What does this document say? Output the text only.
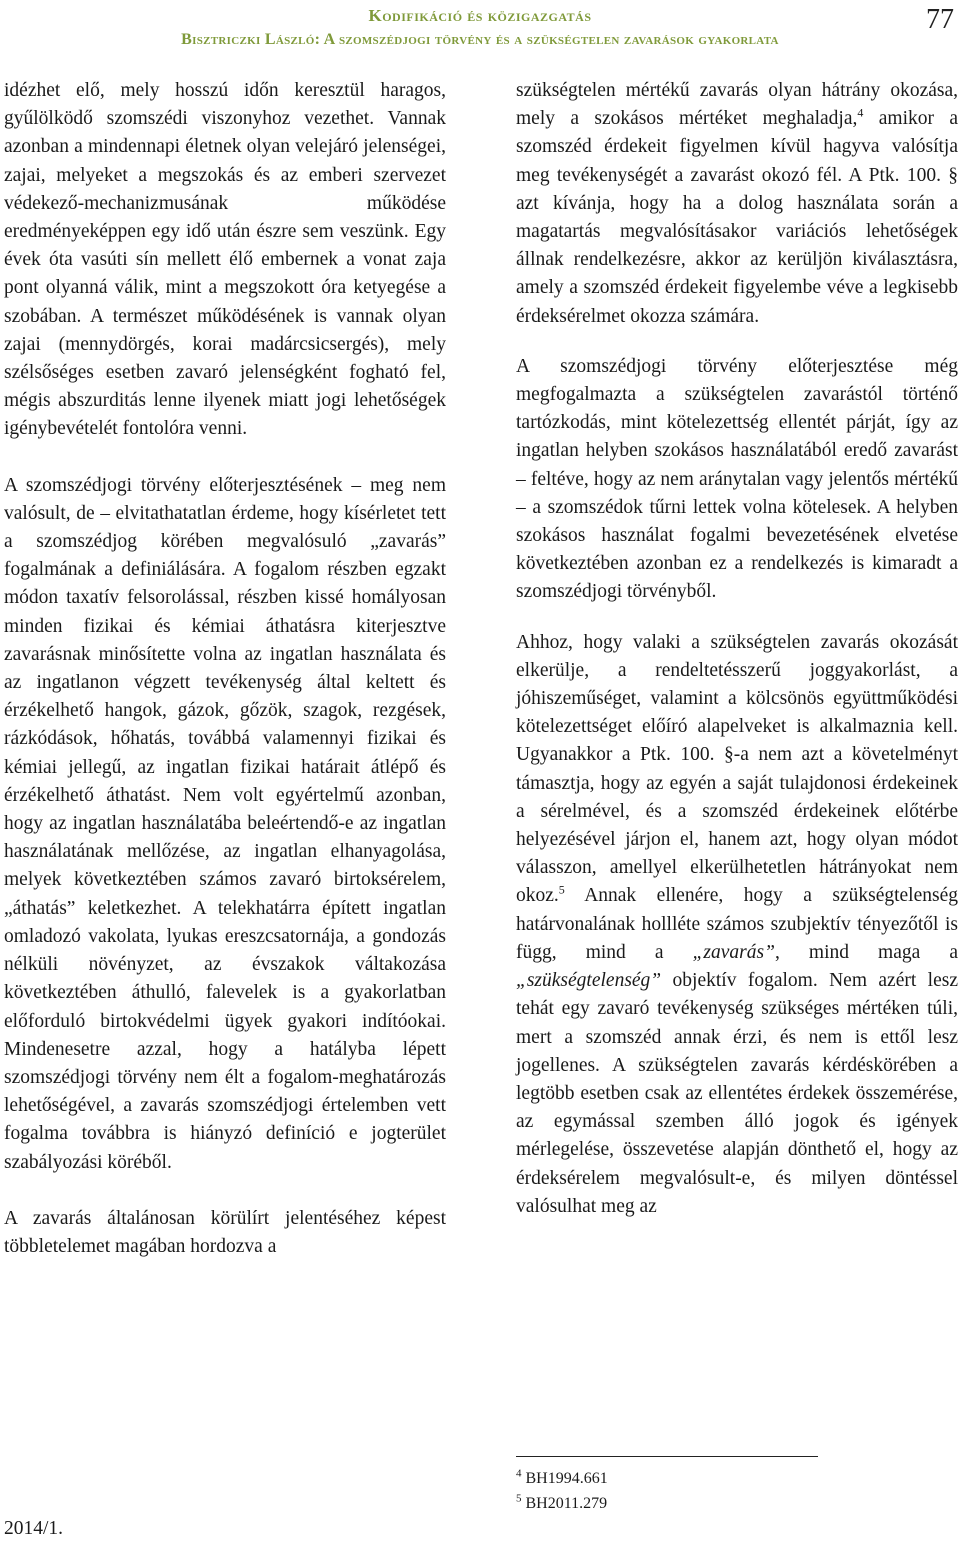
Kodifikáció és közigazgatás
Bisztriczki László: A szomszédjogi törvény és a szükségtelen zavarások gyakorlata
77

idézhet elő, mely hosszú időn keresztül haragos, gyűlölködő szomszédi viszonyhoz vezethet. Vannak azonban a mindennapi életnek olyan velejáró jelenségei, zajai, melyeket a megszokás és az emberi szervezet védekező-mechanizmusának működése eredményeképpen egy idő után észre sem veszünk. Egy évek óta vasúti sín mellett élő embernek a vonat zaja pont olyanná válik, mint a megszokott óra ketyegése a szobában. A természet működésének is vannak olyan zajai (mennydörgés, korai madárcsicsergés), mely szélsőséges esetben zavaró jelenségként fogható fel, mégis abszurditás lenne ilyenek miatt jogi lehetőségek igénybevételét fontolóra venni.

A szomszédjogi törvény előterjesztésének – meg nem valósult, de – elvitathatatlan érdeme, hogy kísérletet tett a szomszédjog körében megvalósuló „zavarás” fogalmának a definiálására. A fogalom részben egzakt módon taxatív felsorolással, részben kissé homályosan minden fizikai és kémiai áthatásra kiterjesztve zavarásnak minősítette volna az ingatlan használata és az ingatlanon végzett tevékenység által keltett és érzékelhető hangok, gázok, gőzök, szagok, rezgések, rázkódások, hőhatás, továbbá valamennyi fizikai és kémiai jellegű, az ingatlan fizikai határait átlépő és érzékelhető áthatást. Nem volt egyértelmű azonban, hogy az ingatlan használatába beleértendő-e az ingatlan használatának mellőzése, az ingatlan elhanyagolása, melyek következtében számos zavaró birtoksérelem, „áthatás” keletkezhet. A telekhatárra épített ingatlan omladozó vakolata, lyukas ereszcsatornája, a gondozás nélküli növényzet, az évszakok váltakozása következtében áthulló, falevelek is a gyakorlatban előforduló birtokvédelmi ügyek gyakori indítóokai. Mindenesetre azzal, hogy a hatályba lépett szomszédjogi törvény nem élt a fogalom-meghatározás lehetőségével, a zavarás szomszédjogi értelemben vett fogalma továbbra is hiányzó definíció e jogterület szabályozási köréből.

A zavarás általánosan körülírt jelentéséhez képest többletelemet magában hordozva a

szükségtelen mértékű zavarás olyan hátrány okozása, mely a szokásos mértéket meghaladja,$^4$ amikor a szomszéd érdekeit figyelmen kívül hagyva valósítja meg tevékenységét a zavarást okozó fél. A Ptk. 100. § azt kívánja, hogy ha a dolog használata során a magatartás megvalósításakor variációs lehetőségek állnak rendelkezésre, akkor az kerüljön kiválasztásra, amely a szomszéd érdekeit figyelembe véve a legkisebb érdeksérelmet okozza számára.

A szomszédjogi törvény előterjesztése még megfogalmazta a szükségtelen zavarástól történő tartózkodás, mint kötelezettség ellentét párját, így az ingatlan helyben szokásos használatából eredő zavarást – feltéve, hogy az nem aránytalan vagy jelentős mértékű – a szomszédok tűrni lettek volna kötelesek. A helyben szokásos használat fogalmi bevezetésének elvetése következtében azonban ez a rendelkezés is kimaradt a szomszédjogi törvényből.

Ahhoz, hogy valaki a szükségtelen zavarás okozását elkerülje, a rendeltetésszerű joggyakorlást, a jóhiszeműséget, valamint a kölcsönös együttműködési kötelezettséget előíró alapelveket is alkalmaznia kell. Ugyanakkor a Ptk. 100. §-a nem azt a követelményt támasztja, hogy az egyén a saját tulajdonosi érdekeinek a sérelmével, és a szomszéd érdekeinek előtérbe helyezésével járjon el, hanem azt, hogy olyan módot válasszon, amellyel elkerülhetetlen hátrányokat nem okoz.$^5$ Annak ellenére, hogy a szükségtelenség határvonalának hollléte számos szubjektív tényezőtől is függ, mind a „zavarás”, mind maga a „szükségtelenség” objektív fogalom. Nem azért lesz tehát egy zavaró tevékenység szükséges mértéken túli, mert a szomszéd annak érzi, és nem is ettől lesz jogellenes. A szükségtelen zavarás kérdéskörében a legtöbb esetben csak az ellentétes érdekek összemérése, az egymással szemben álló jogok és igények mérlegelése, összevetése alapján dönthető el, hogy az érdeksérelem megvalósult-e, és milyen döntéssel valósulhat meg az

$^4$ BH1994.661
$^5$ BH2011.279
2014/1.
